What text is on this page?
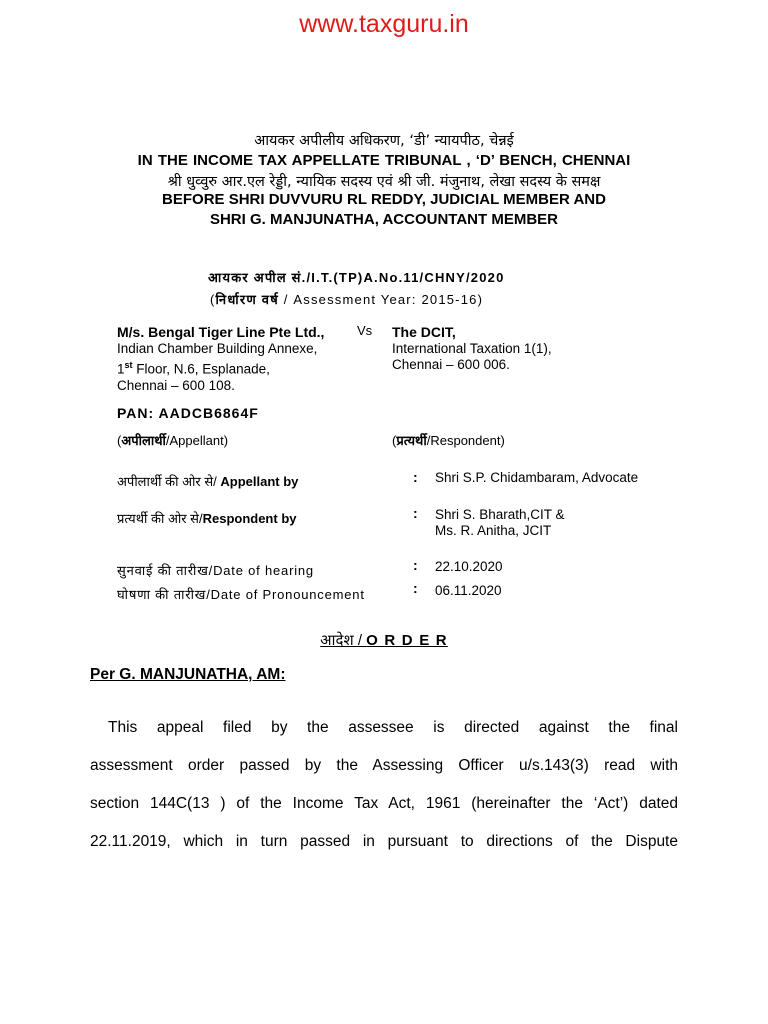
www.taxguru.in
आयकर अपीलीय अधिकरण, ‘डी’ न्यायपीठ, चेन्नई
IN THE INCOME TAX APPELLATE TRIBUNAL , ‘D’ BENCH, CHENNAI
श्री धुव्वुरु आर.एल रेड्डी, न्यायिक सदस्य एवं श्री जी. मंजुनाथ, लेखा सदस्य के समक्ष
BEFORE SHRI DUVVURU RL REDDY, JUDICIAL MEMBER AND
SHRI G. MANJUNATHA, ACCOUNTANT MEMBER
आयकर अपील सं./I.T.(TP)A.No.11/CHNY/2020
(निर्धारण वर्ष / Assessment Year: 2015-16)
M/s. Bengal Tiger Line Pte Ltd.,	Vs
Indian Chamber Building Annexe,
1st Floor, N.6, Esplanade,
Chennai – 600 108.
PAN: AADCB6864F
(अपीलार्थी/Appellant)
The DCIT,
International Taxation 1(1),
Chennai – 600 006.
(प्रत्यर्थी/Respondent)
अपीलार्थी की ओर से/ Appellant by	: Shri S.P. Chidambaram, Advocate
प्रत्यर्थी की ओर से/Respondent by	: Shri S. Bharath,CIT &
Ms. R. Anitha, JCIT
सुनवाई की तारीख/Date of hearing	: 22.10.2020
घोषणा की तारीख/Date of Pronouncement	: 06.11.2020
आदेश / O R D E R
Per G. MANJUNATHA, AM:
This appeal filed by the assessee is directed against the final
assessment order passed by the Assessing Officer u/s.143(3) read with
section 144C(13 ) of the Income Tax Act, 1961 (hereinafter the ‘Act’) dated
22.11.2019, which in turn passed in pursuant to directions of the Dispute
